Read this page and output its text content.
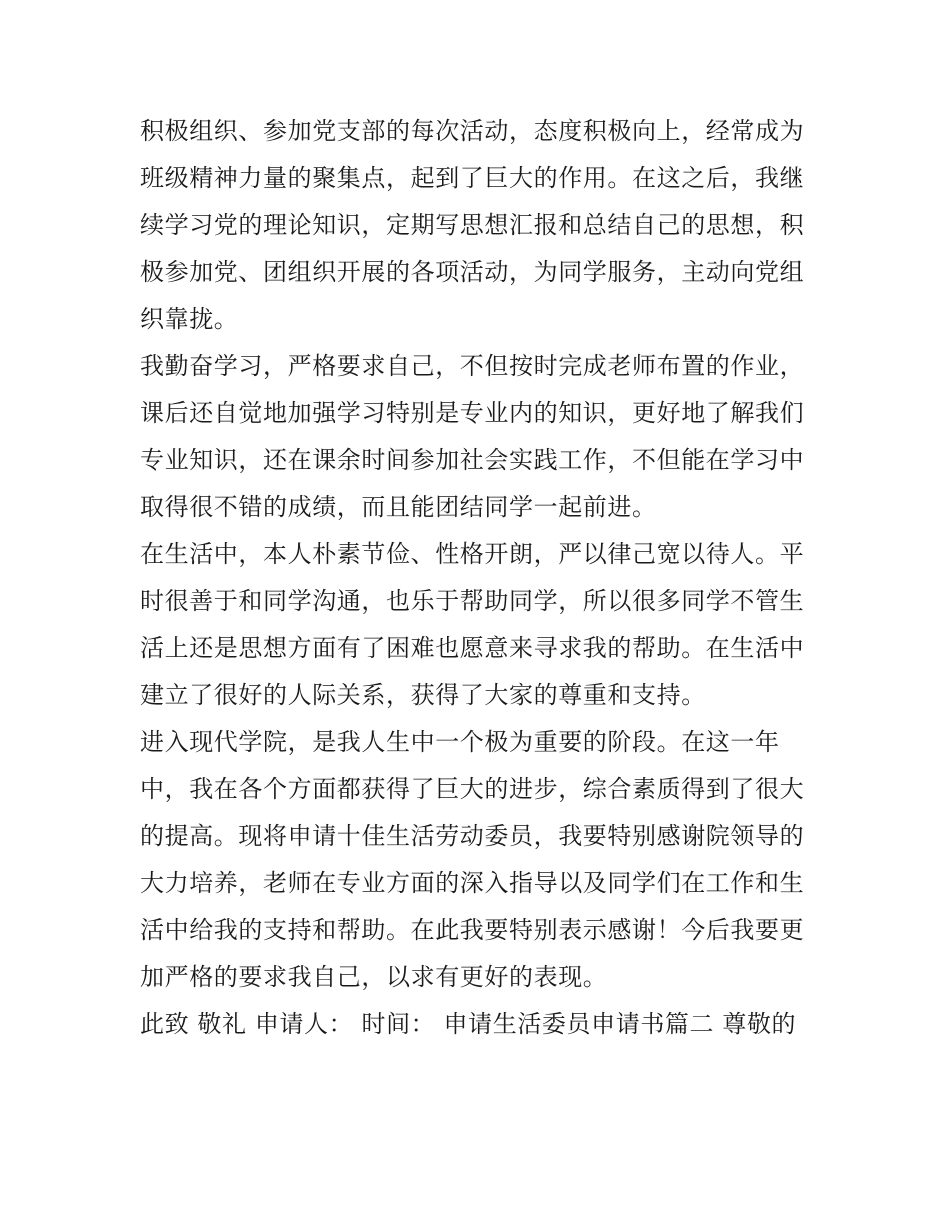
积极组织、参加党支部的每次活动，态度积极向上，经常成为
班级精神力量的聚集点，起到了巨大的作用。在这之后，我继
续学习党的理论知识，定期写思想汇报和总结自己的思想，积
极参加党、团组织开展的各项活动，为同学服务，主动向党组
织靠拢。
我勤奋学习，严格要求自己，不但按时完成老师布置的作业，
课后还自觉地加强学习特别是专业内的知识，更好地了解我们
专业知识，还在课余时间参加社会实践工作，不但能在学习中
取得很不错的成绩，而且能团结同学一起前进。
在生活中，本人朴素节俭、性格开朗，严以律己宽以待人。平
时很善于和同学沟通，也乐于帮助同学，所以很多同学不管生
活上还是思想方面有了困难也愿意来寻求我的帮助。在生活中
建立了很好的人际关系，获得了大家的尊重和支持。
进入现代学院，是我人生中一个极为重要的阶段。在这一年
中，我在各个方面都获得了巨大的进步，综合素质得到了很大
的提高。现将申请十佳生活劳动委员，我要特别感谢院领导的
大力培养，老师在专业方面的深入指导以及同学们在工作和生
活中给我的支持和帮助。在此我要特别表示感谢！今后我要更
加严格的要求我自己，以求有更好的表现。
此致 敬礼 申请人： 时间： 申请生活委员申请书篇二 尊敬的
